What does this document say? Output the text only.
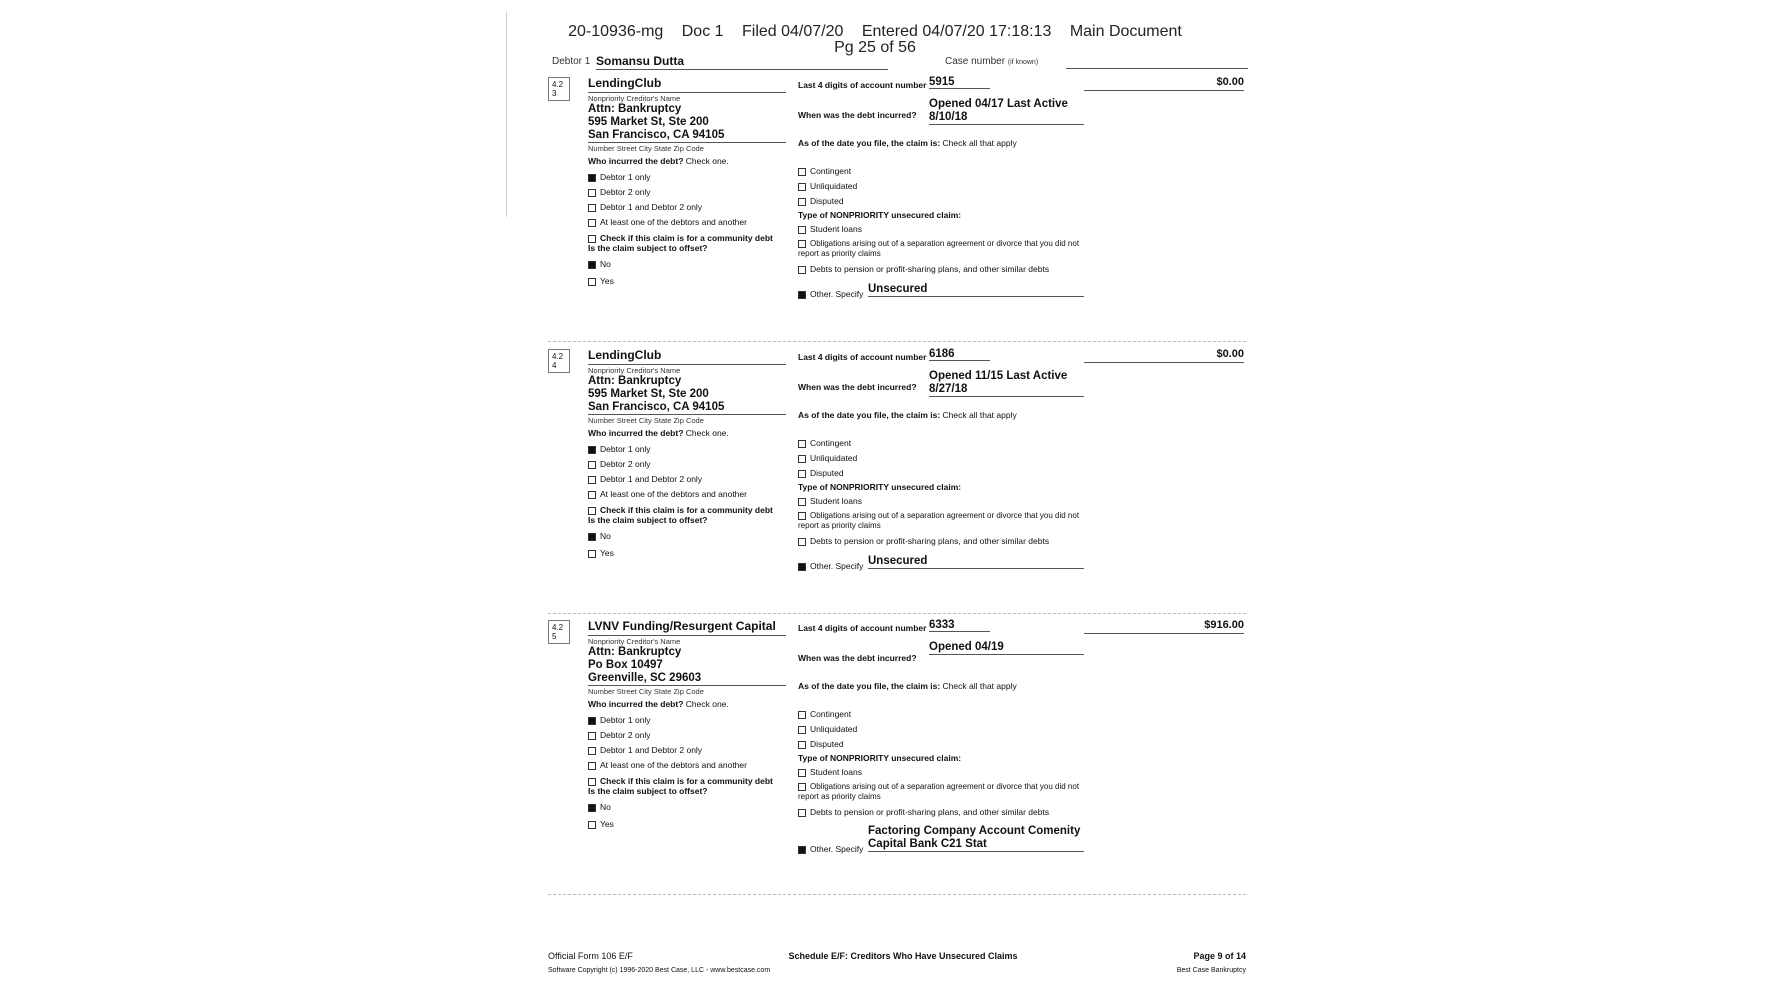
20-10936-mg Doc 1 Filed 04/07/20 Entered 04/07/20 17:18:13 Main Document
Pg 25 of 56
Debtor 1 Somansu Dutta	Case number (if known)
4.2 3
LendingClub
Nonpriority Creditor's Name
Attn: Bankruptcy
595 Market St, Ste 200
San Francisco, CA 94105
Number Street City State Zip Code
Who incurred the debt? Check one.
Debtor 1 only
Debtor 2 only
Debtor 1 and Debtor 2 only
At least one of the debtors and another
Check if this claim is for a community debt
Is the claim subject to offset?
No
Yes
Last 4 digits of account number 5915
When was the debt incurred?
Opened 04/17 Last Active 8/10/18
As of the date you file, the claim is: Check all that apply
Contingent
Unliquidated
Disputed
Type of NONPRIORITY unsecured claim:
Student loans
Obligations arising out of a separation agreement or divorce that you did not report as priority claims
Debts to pension or profit-sharing plans, and other similar debts
Other. Specify Unsecured
$0.00
4.2 4
LendingClub
Nonpriority Creditor's Name
Attn: Bankruptcy
595 Market St, Ste 200
San Francisco, CA 94105
Number Street City State Zip Code
Who incurred the debt? Check one.
Debtor 1 only
Debtor 2 only
Debtor 1 and Debtor 2 only
At least one of the debtors and another
Check if this claim is for a community debt
Is the claim subject to offset?
No
Yes
Last 4 digits of account number 6186
When was the debt incurred?
Opened 11/15 Last Active 8/27/18
As of the date you file, the claim is: Check all that apply
Contingent
Unliquidated
Disputed
Type of NONPRIORITY unsecured claim:
Student loans
Obligations arising out of a separation agreement or divorce that you did not report as priority claims
Debts to pension or profit-sharing plans, and other similar debts
Other. Specify Unsecured
$0.00
4.2 5
LVNV Funding/Resurgent Capital
Nonpriority Creditor's Name
Attn: Bankruptcy
Po Box 10497
Greenville, SC 29603
Number Street City State Zip Code
Who incurred the debt? Check one.
Debtor 1 only
Debtor 2 only
Debtor 1 and Debtor 2 only
At least one of the debtors and another
Check if this claim is for a community debt
Is the claim subject to offset?
No
Yes
Last 4 digits of account number 6333
When was the debt incurred?
Opened 04/19
As of the date you file, the claim is: Check all that apply
Contingent
Unliquidated
Disputed
Type of NONPRIORITY unsecured claim:
Student loans
Obligations arising out of a separation agreement or divorce that you did not report as priority claims
Debts to pension or profit-sharing plans, and other similar debts
Other. Specify
Factoring Company Account Comenity Capital Bank C21 Stat
$916.00
Official Form 106 E/F	Schedule E/F: Creditors Who Have Unsecured Claims	Page 9 of 14
Software Copyright (c) 1996-2020 Best Case, LLC - www.bestcase.com	Best Case Bankruptcy
